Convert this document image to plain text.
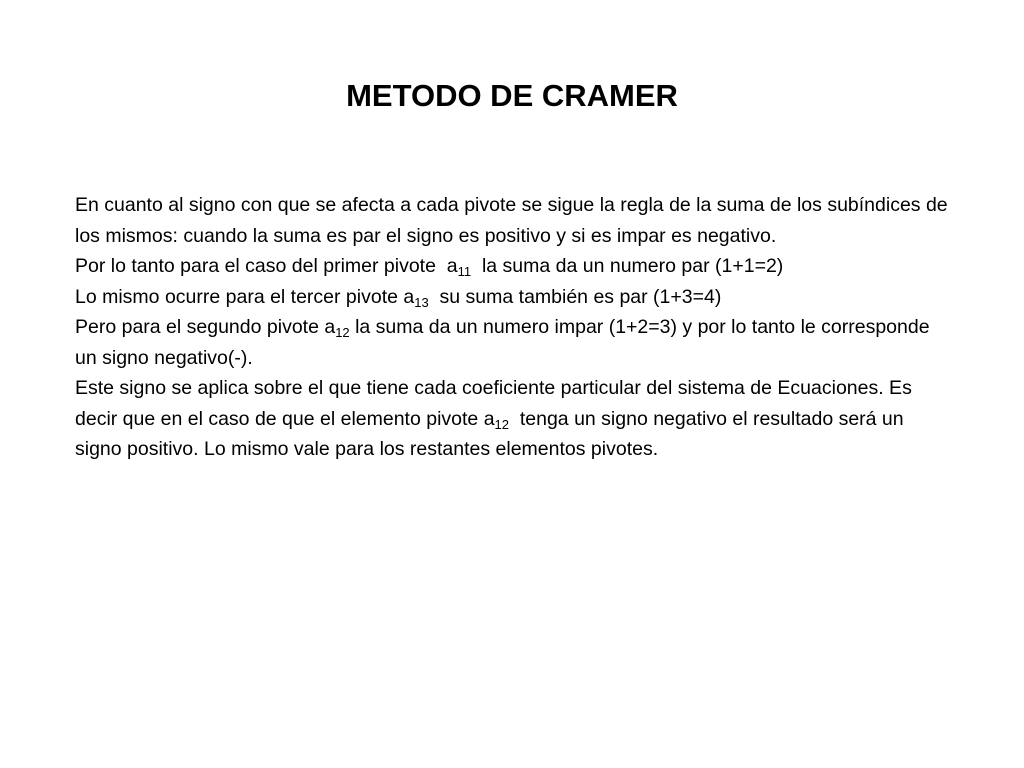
METODO DE CRAMER

En cuanto al signo con que se afecta a cada pivote se sigue la regla de la suma de los subíndices de los mismos: cuando la suma es par el signo es positivo y si es impar es negativo.

Por lo tanto para el caso del primer pivote  $a_{11}$  la suma da un numero par (1+1=2)

Lo mismo ocurre para el tercer pivote $a_{13}$  su suma también es par (1+3=4)

Pero para el segundo pivote $a_{12}$ la suma da un numero impar (1+2=3) y por lo tanto le corresponde un signo negativo(-).

Este signo se aplica sobre el que tiene cada coeficiente particular del sistema de Ecuaciones. Es decir que en el caso de que el elemento pivote $a_{12}$  tenga un signo negativo el resultado será un signo positivo. Lo mismo vale para los restantes elementos pivotes.
